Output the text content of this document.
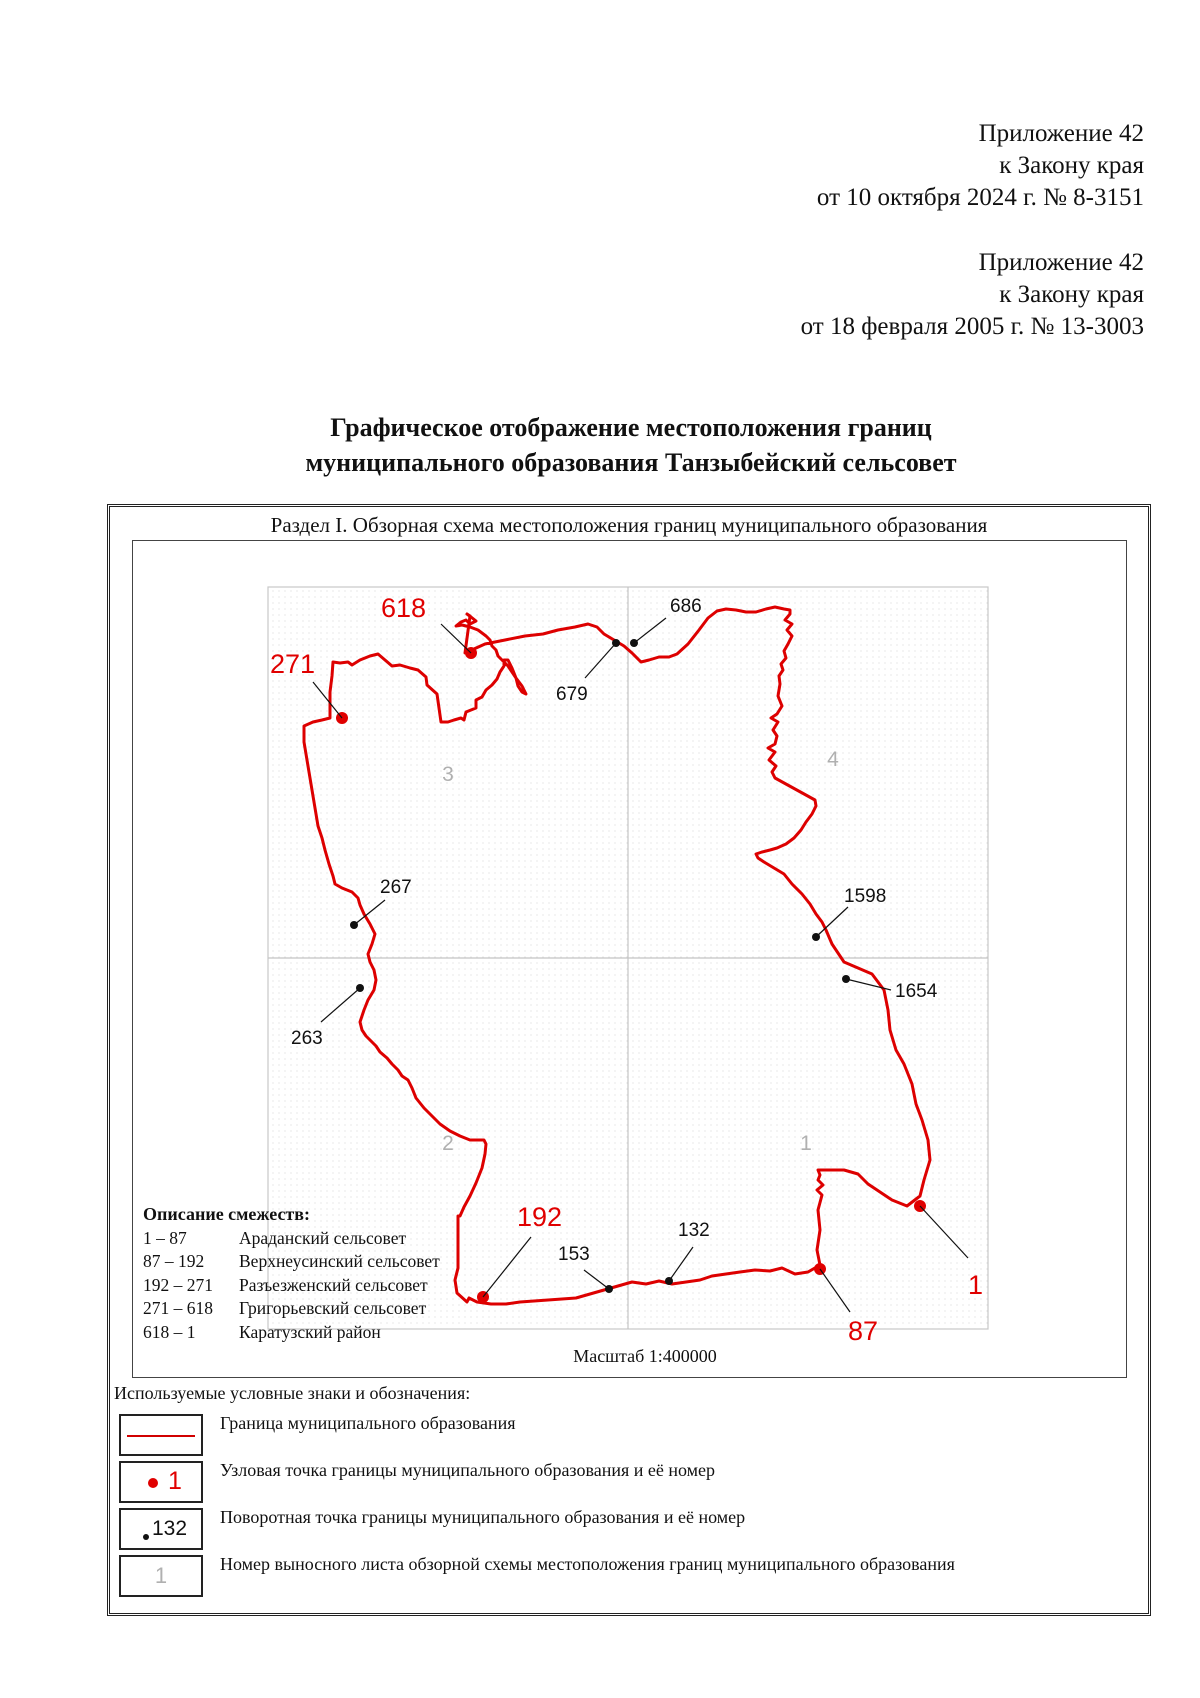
Приложение 42
к Закону края
от 10 октября 2024 г. № 8-3151
Приложение 42
к Закону края
от 18 февраля 2005 г. № 13-3003
Графическое отображение местоположения границ
муниципального образования Танзыбейский сельсовет
Раздел I. Обзорная схема местоположения границ муниципального образования
1
2
3
4
1
87
192
271
618
132
153
263
267
679
686
1598
1654
Описание смежеств:
1 – 87	Араданский сельсовет
87 – 192 Верхнеусинский сельсовет
192 – 271 Разъезженский сельсовет
271 – 618 Григорьевский сельсовет
618 – 1 Каратузский район
Масштаб 1:400000
Используемые условные знаки и обозначения:
Граница муниципального образования
1 Узловая точка границы муниципального образования и её номер
132 Поворотная точка границы муниципального образования и её номер
1	Номер выносного листа обзорной схемы местоположения границ муниципального образования
